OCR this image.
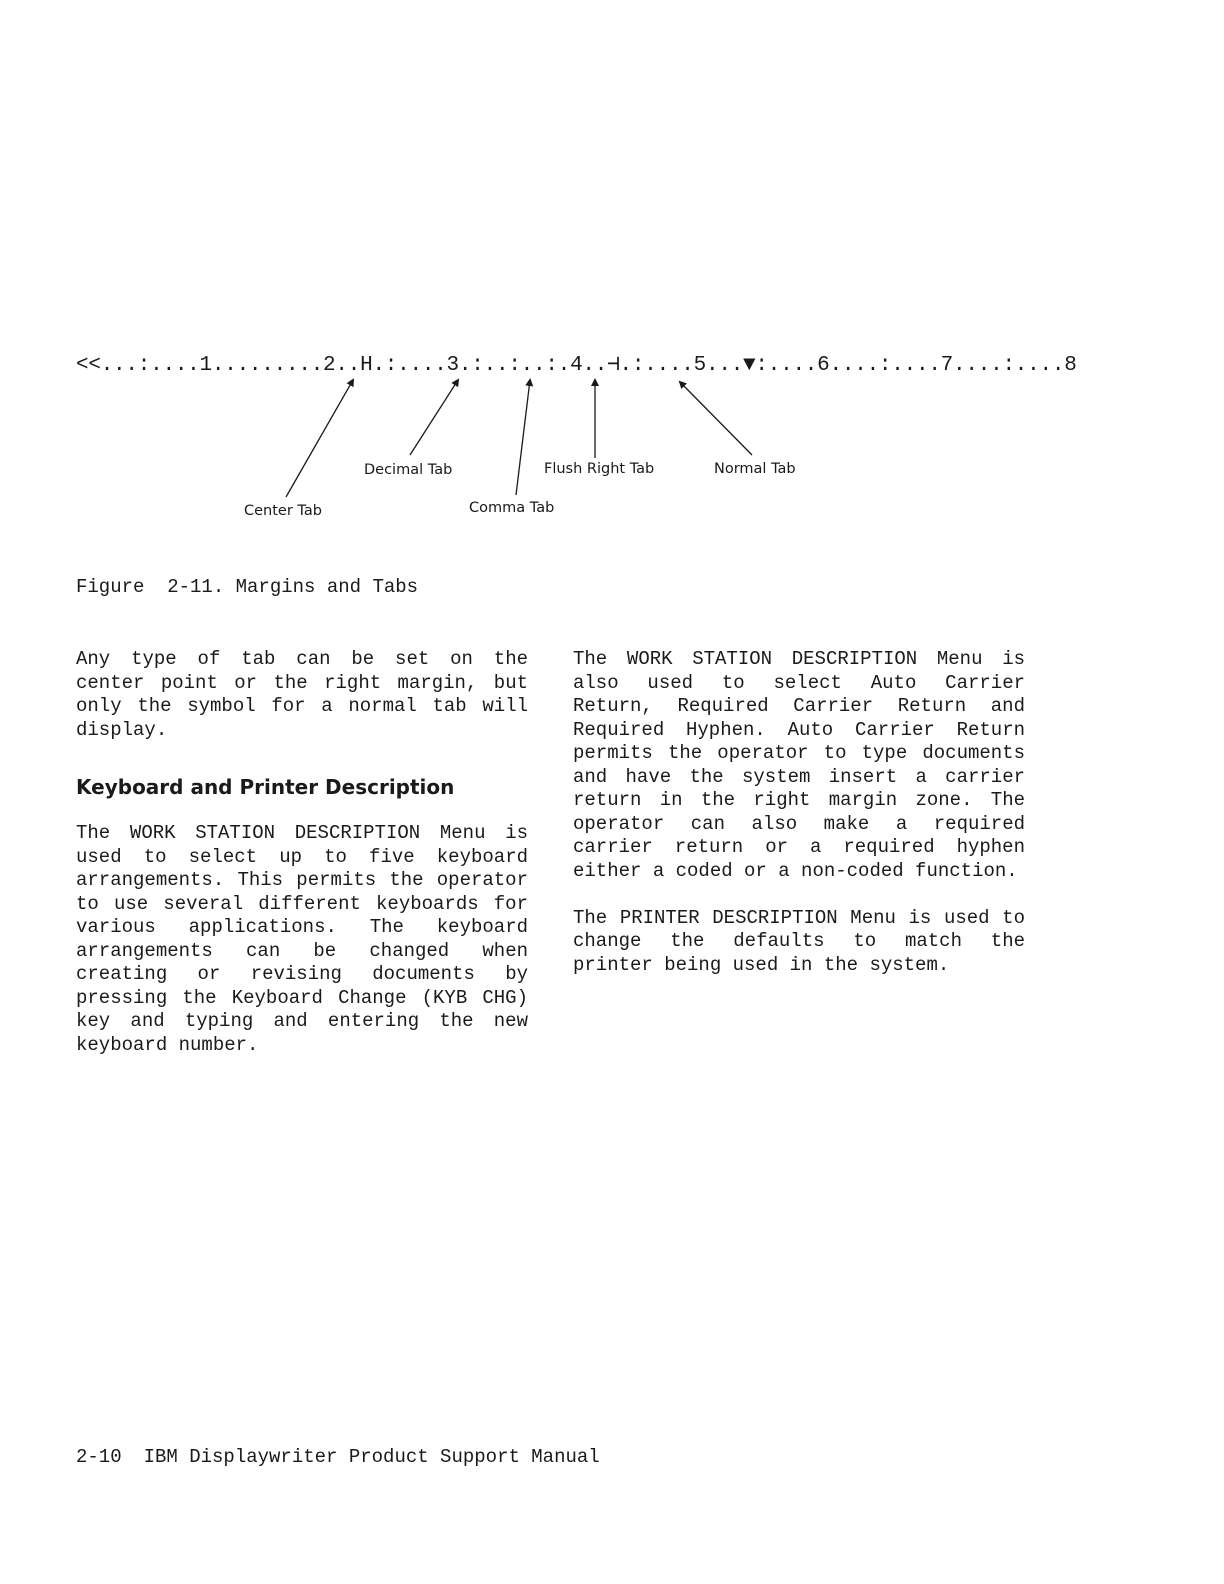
Center Tab
Decimal Tab
Comma Tab
Flush Right Tab	Normal Tab
<<...:....1.........2..H.:....3.:..:..:.4..⊣.:....5...▼:....6....:....7....:....8
Figure  2-11. Margins and Tabs

Any type of tab can be set on the center point or the right margin, but only the symbol for a normal tab will display.

Keyboard and Printer Description

The WORK STATION DESCRIPTION Menu is used to select up to five keyboard arrangements. This permits the operator to use several different keyboards for various applications. The keyboard arrangements can be changed when creating or revising documents by pressing the Keyboard Change (KYB CHG) key and typing and entering the new keyboard number.

The WORK STATION DESCRIPTION Menu is also used to select Auto Carrier Return, Required Carrier Return and Required Hyphen. Auto Carrier Return permits the operator to type documents and have the system insert a carrier return in the right margin zone. The operator can also make a required carrier return or a required hyphen either a coded or a non-coded function.

The PRINTER DESCRIPTION Menu is used to change the defaults to match the printer being used in the system.

2-10 IBM Displaywriter Product Support Manual
